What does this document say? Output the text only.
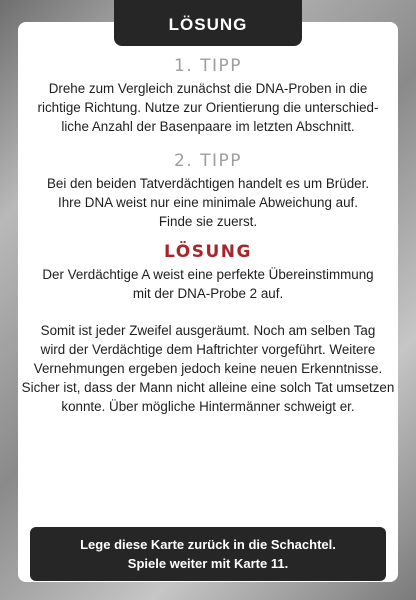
LÖSUNG
1. TIPP

Drehe zum Vergleich zunächst die DNA-Proben in die
richtige Richtung. Nutze zur Orientierung die unterschied-
liche Anzahl der Basenpaare im letzten Abschnitt.

2. TIPP

Bei den beiden Tatverdächtigen handelt es um Brüder.
Ihre DNA weist nur eine minimale Abweichung auf.
Finde sie zuerst.

LÖSUNG

Der Verdächtige A weist eine perfekte Übereinstimmung
mit der DNA-Probe 2 auf.

Somit ist jeder Zweifel ausgeräumt. Noch am selben Tag
wird der Verdächtige dem Haftrichter vorgeführt. Weitere
Vernehmungen ergeben jedoch keine neuen Erkenntnisse.
Sicher ist, dass der Mann nicht alleine eine solch Tat umsetzen
konnte. Über mögliche Hintermänner schweigt er.

Lege diese Karte zurück in die Schachtel.
Spiele weiter mit Karte 11.
